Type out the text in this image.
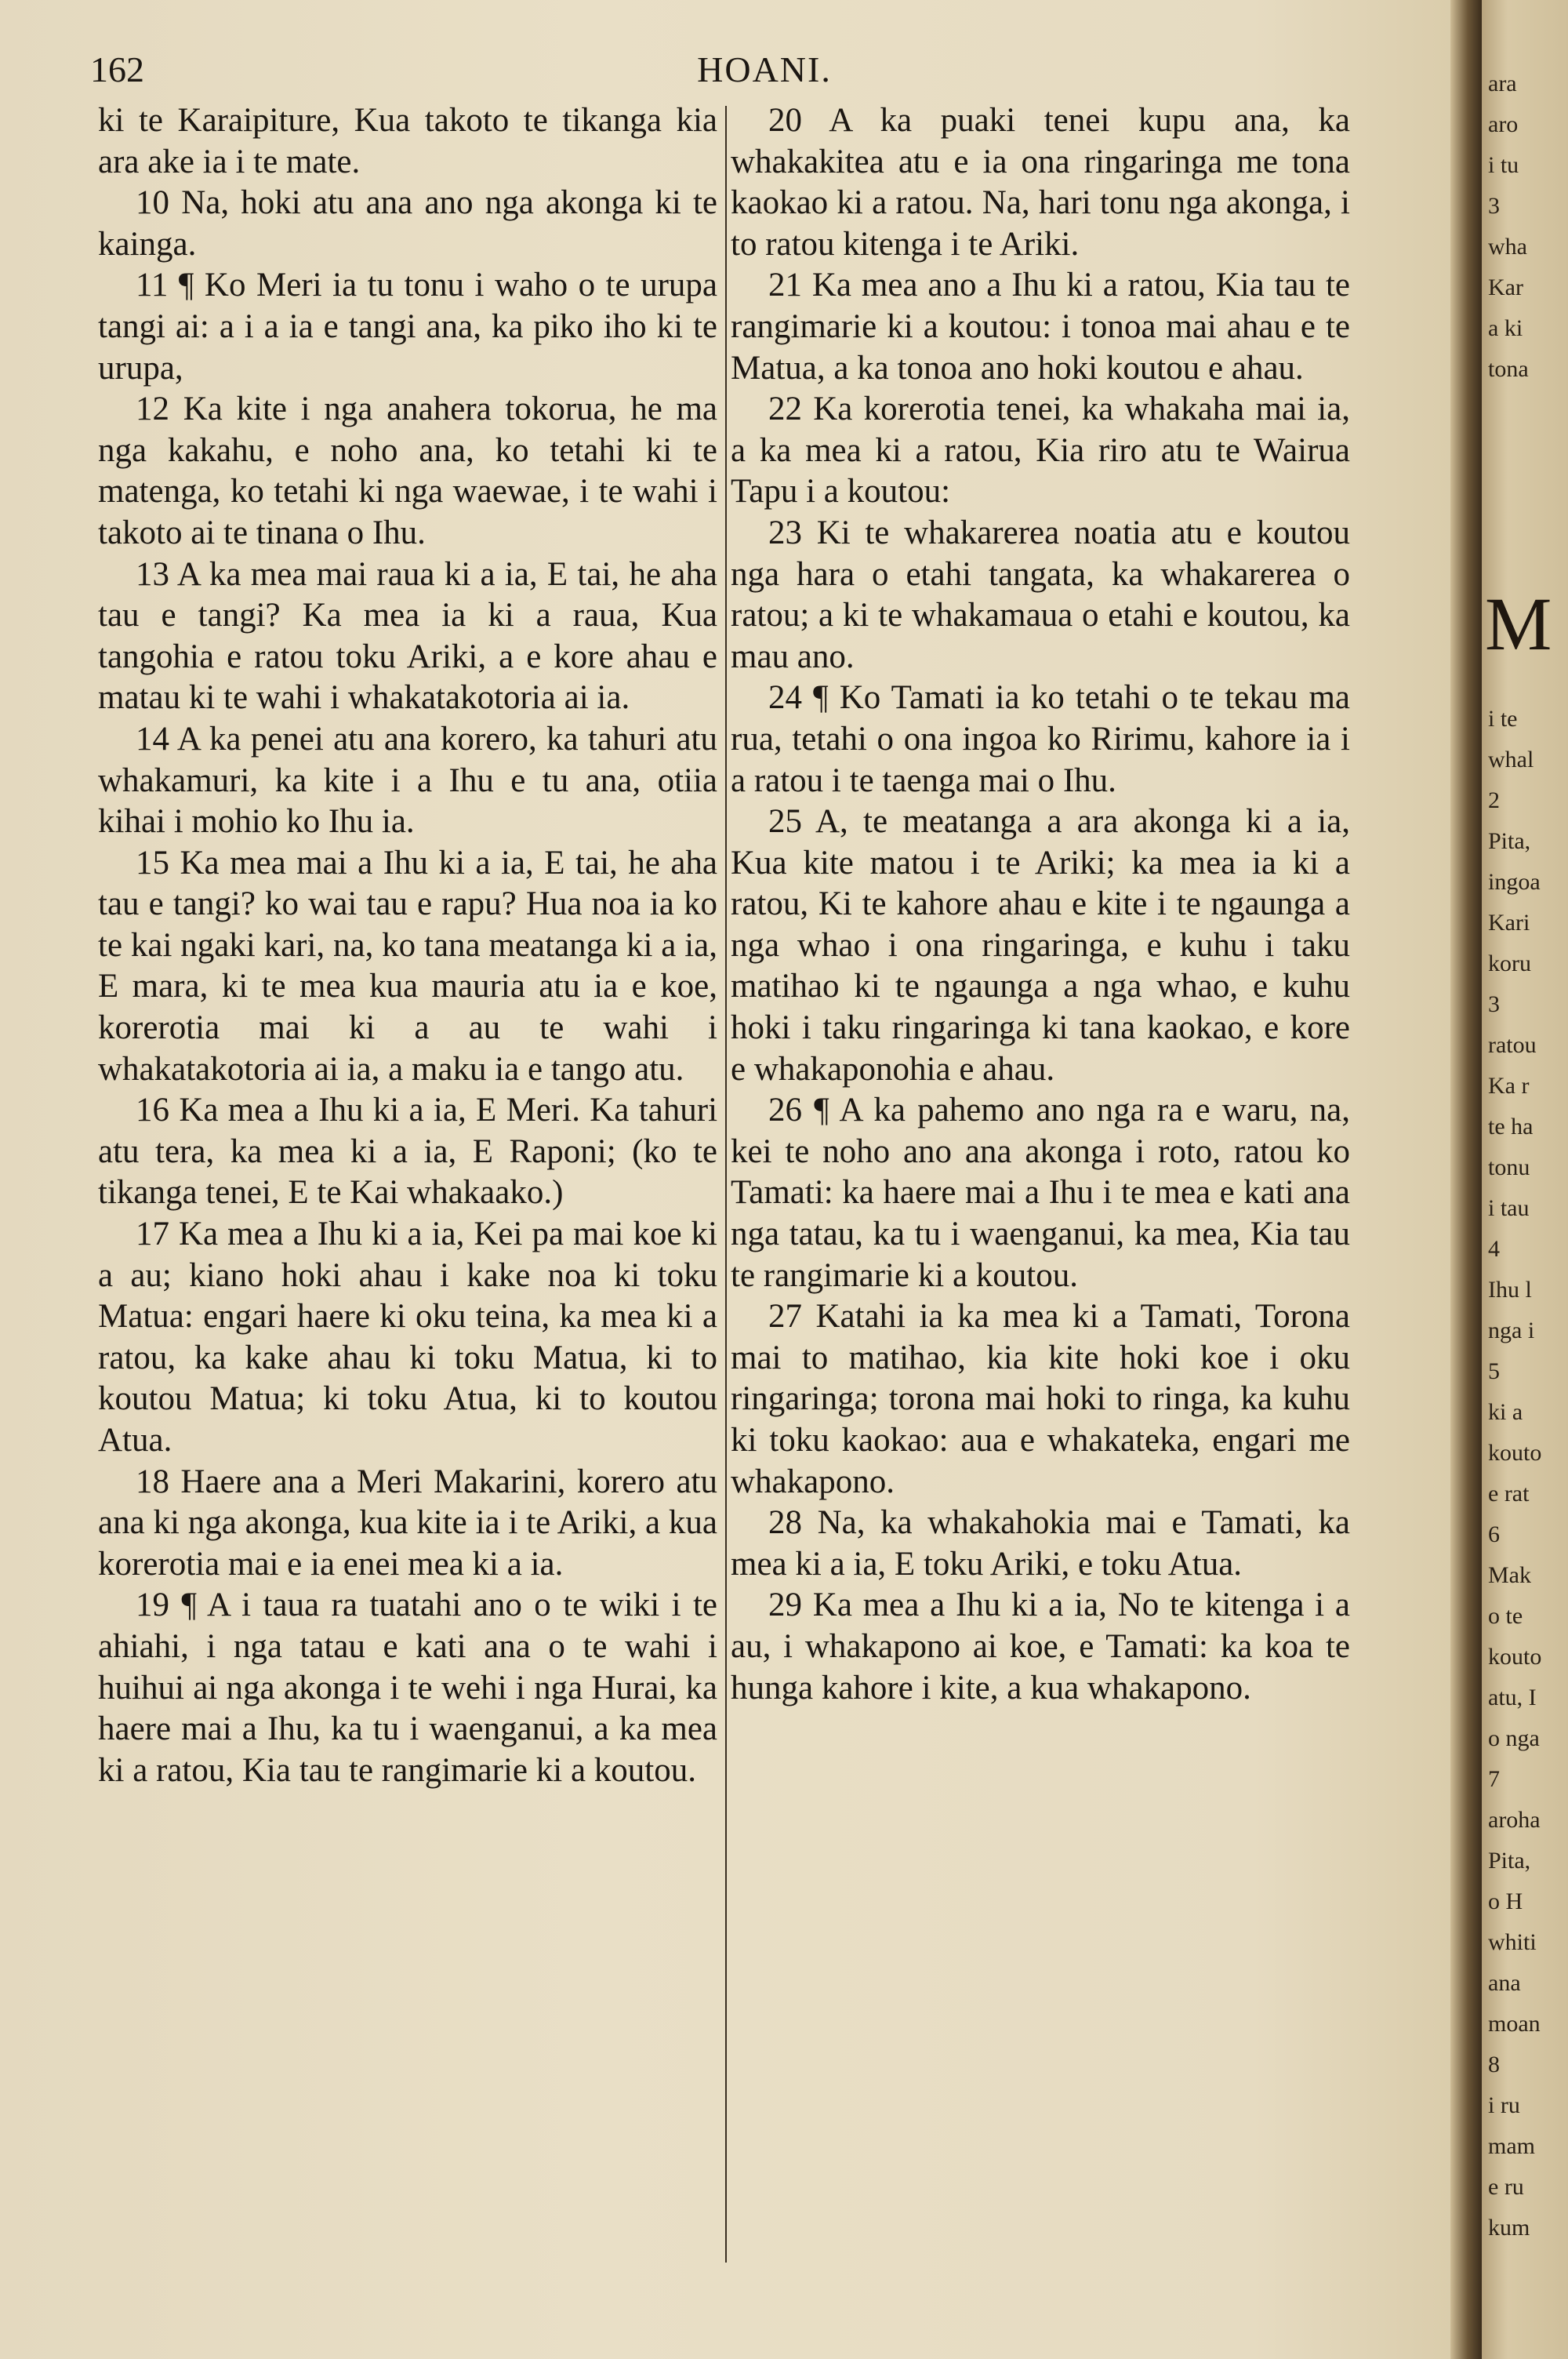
162	HOANI.

ki te Karaipiture, Kua takoto te tikanga kia ara ake ia i te mate.

10 Na, hoki atu ana ano nga akonga ki te kainga.

11 ¶ Ko Meri ia tu tonu i waho o te urupa tangi ai: a i a ia e tangi ana, ka piko iho ki te urupa,

12 Ka kite i nga anahera tokorua, he ma nga kakahu, e noho ana, ko tetahi ki te matenga, ko tetahi ki nga waewae, i te wahi i takoto ai te tinana o Ihu.

13 A ka mea mai raua ki a ia, E tai, he aha tau e tangi? Ka mea ia ki a raua, Kua tangohia e ratou toku Ariki, a e kore ahau e matau ki te wahi i whakatakotoria ai ia.

14 A ka penei atu ana korero, ka tahuri atu whakamuri, ka kite i a Ihu e tu ana, otiia kihai i mohio ko Ihu ia.

15 Ka mea mai a Ihu ki a ia, E tai, he aha tau e tangi? ko wai tau e rapu? Hua noa ia ko te kai ngaki kari, na, ko tana meatanga ki a ia, E mara, ki te mea kua mauria atu ia e koe, korerotia mai ki a au te wahi i whakatakotoria ai ia, a maku ia e tango atu.

16 Ka mea a Ihu ki a ia, E Meri. Ka tahuri atu tera, ka mea ki a ia, E Raponi; (ko te tikanga tenei, E te Kai whakaako.)

17 Ka mea a Ihu ki a ia, Kei pa mai koe ki a au; kiano hoki ahau i kake noa ki toku Matua: engari haere ki oku teina, ka mea ki a ratou, ka kake ahau ki toku Matua, ki to koutou Matua; ki toku Atua, ki to koutou Atua.

18 Haere ana a Meri Makarini, korero atu ana ki nga akonga, kua kite ia i te Ariki, a kua korerotia mai e ia enei mea ki a ia.

19 ¶ A i taua ra tuatahi ano o te wiki i te ahiahi, i nga tatau e kati ana o te wahi i huihui ai nga akonga i te wehi i nga Hurai, ka haere mai a Ihu, ka tu i waenganui, a ka mea ki a ratou, Kia tau te rangimarie ki a koutou.

20 A ka puaki tenei kupu ana, ka whakakitea atu e ia ona ringaringa me tona kaokao ki a ratou. Na, hari tonu nga akonga, i to ratou kitenga i te Ariki.

21 Ka mea ano a Ihu ki a ratou, Kia tau te rangimarie ki a koutou: i tonoa mai ahau e te Matua, a ka tonoa ano hoki koutou e ahau.

22 Ka korerotia tenei, ka whakaha mai ia, a ka mea ki a ratou, Kia riro atu te Wairua Tapu i a koutou:

23 Ki te whakarerea noatia atu e koutou nga hara o etahi tangata, ka whakarerea o ratou; a ki te whakamaua o etahi e koutou, ka mau ano.

24 ¶ Ko Tamati ia ko tetahi o te tekau ma rua, tetahi o ona ingoa ko Ririmu, kahore ia i a ratou i te taenga mai o Ihu.

25 A, te meatanga a ara akonga ki a ia, Kua kite matou i te Ariki; ka mea ia ki a ratou, Ki te kahore ahau e kite i te ngaunga a nga whao i ona ringaringa, e kuhu i taku matihao ki te ngaunga a nga whao, e kuhu hoki i taku ringaringa ki tana kaokao, e kore e whakaponohia e ahau.

26 ¶ A ka pahemo ano nga ra e waru, na, kei te noho ano ana akonga i roto, ratou ko Tamati: ka haere mai a Ihu i te mea e kati ana nga tatau, ka tu i waenganui, ka mea, Kia tau te rangimarie ki a koutou.

27 Katahi ia ka mea ki a Tamati, Torona mai to matihao, kia kite hoki koe i oku ringaringa; torona mai hoki to ringa, ka kuhu ki toku kaokao: aua e whakateka, engari me whakapono.

28 Na, ka whakahokia mai e Tamati, ka mea ki a ia, E toku Ariki, e toku Atua.

29 Ka mea a Ihu ki a ia, No te kitenga i a au, i whakapono ai koe, e Tamati: ka koa te hunga kahore i kite, a kua whakapono.

ara
aro
i tu
3
wha
Kar
a ki
tona
M
i te
whal
2
Pita,
ingoa
Kari
koru
3
ratou
Ka r
te ha
tonu
i tau
4
Ihu l
nga i
5
ki a
kouto
e rat
6
Mak
o te
kouto
atu, I
o nga
7
aroha
Pita,
o H
whiti
ana
moan
8
i ru
mam
e ru
kum
